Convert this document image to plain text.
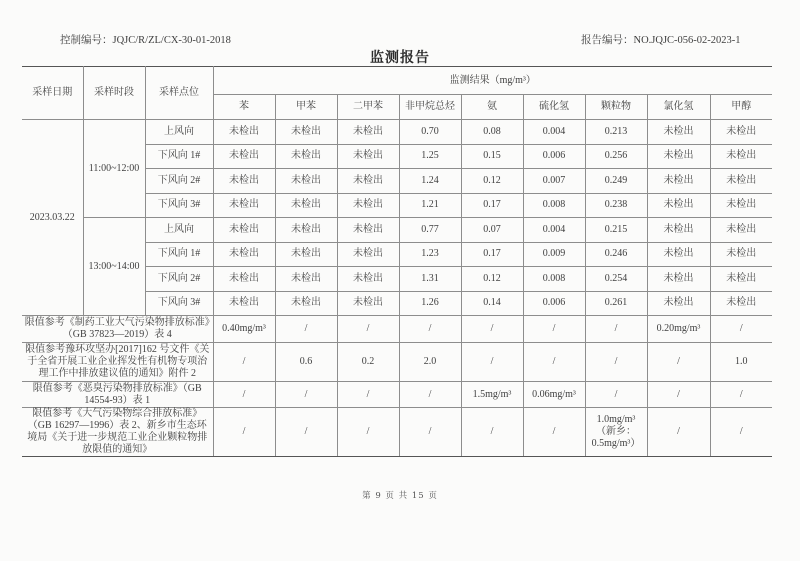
控制编号：JQJC/R/ZL/CX-30-01-2018	报告编号：NO.JQJC-056-02-2023-1
监测报告
采样日期	采样时段	采样点位	监测结果（mg/m³）								
			苯	甲苯	二甲苯	非甲烷总烃	氨	硫化氢	颗粒物	氯化氢	甲醇
2023.03.22	11:00~12:00	上风向	未检出	未检出	未检出	0.70	0.08	0.004	0.213	未检出	未检出
		下风向 1#	未检出	未检出	未检出	1.25	0.15	0.006	0.256	未检出	未检出
		下风向 2#	未检出	未检出	未检出	1.24	0.12	0.007	0.249	未检出	未检出
		下风向 3#	未检出	未检出	未检出	1.21	0.17	0.008	0.238	未检出	未检出
	13:00~14:00	上风向	未检出	未检出	未检出	0.77	0.07	0.004	0.215	未检出	未检出
		下风向 1#	未检出	未检出	未检出	1.23	0.17	0.009	0.246	未检出	未检出
		下风向 2#	未检出	未检出	未检出	1.31	0.12	0.008	0.254	未检出	未检出
		下风向 3#	未检出	未检出	未检出	1.26	0.14	0.006	0.261	未检出	未检出
限值参考《制药工业大气污染物排放标准》（GB 37823—2019）表 4			0.40mg/m³	/	/	/	/	/	/	0.20mg/m³	/
限值参考豫环攻坚办[2017]162 号文件《关于全省开展工业企业挥发性有机物专项治理工作中排放建议值的通知》附件 2			/	0.6	0.2	2.0	/	/	/	/	1.0
限值参考《恶臭污染物排放标准》（GB 14554-93）表 1			/	/	/	/	1.5mg/m³	0.06mg/m³	/	/	/
限值参考《大气污染物综合排放标准》（GB 16297—1996）表 2、新乡市生态环境局《关于进一步规范工业企业颗粒物排放限值的通知》			/	/	/	/	/	/	1.0mg/m³（新乡：0.5mg/m³）	/	/
第 9 页 共 15 页
